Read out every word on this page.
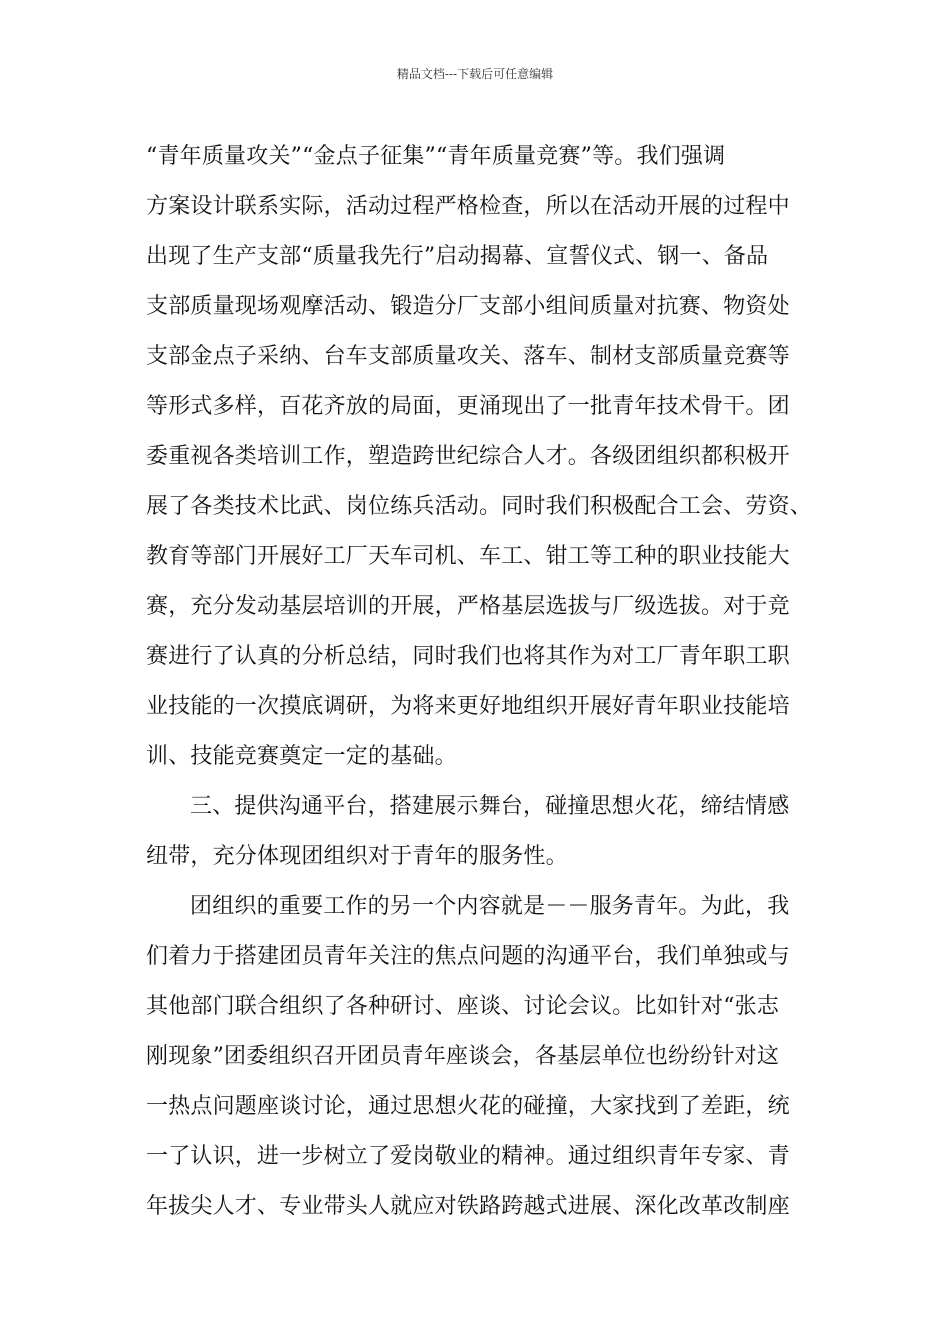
精品文档---下载后可任意编辑
“青年质量攻关”“金点子征集”“青年质量竞赛”等。我们强调
方案设计联系实际，活动过程严格检查，所以在活动开展的过程中
出现了生产支部“质量我先行”启动揭幕、宣誓仪式、钢一、备品
支部质量现场观摩活动、锻造分厂支部小组间质量对抗赛、物资处
支部金点子采纳、台车支部质量攻关、落车、制材支部质量竞赛等
等形式多样，百花齐放的局面，更涌现出了一批青年技术骨干。团
委重视各类培训工作，塑造跨世纪综合人才。各级团组织都积极开
展了各类技术比武、岗位练兵活动。同时我们积极配合工会、劳资、
教育等部门开展好工厂天车司机、车工、钳工等工种的职业技能大
赛，充分发动基层培训的开展，严格基层选拔与厂级选拔。对于竞
赛进行了认真的分析总结，同时我们也将其作为对工厂青年职工职
业技能的一次摸底调研，为将来更好地组织开展好青年职业技能培
训、技能竞赛奠定一定的基础。
三、提供沟通平台，搭建展示舞台，碰撞思想火花，缔结情感
纽带，充分体现团组织对于青年的服务性。
团组织的重要工作的另一个内容就是－－服务青年。为此，我
们着力于搭建团员青年关注的焦点问题的沟通平台，我们单独或与
其他部门联合组织了各种研讨、座谈、讨论会议。比如针对“张志
刚现象”团委组织召开团员青年座谈会，各基层单位也纷纷针对这
一热点问题座谈讨论，通过思想火花的碰撞，大家找到了差距，统
一了认识，进一步树立了爱岗敬业的精神。通过组织青年专家、青
年拔尖人才、专业带头人就应对铁路跨越式进展、深化改革改制座
